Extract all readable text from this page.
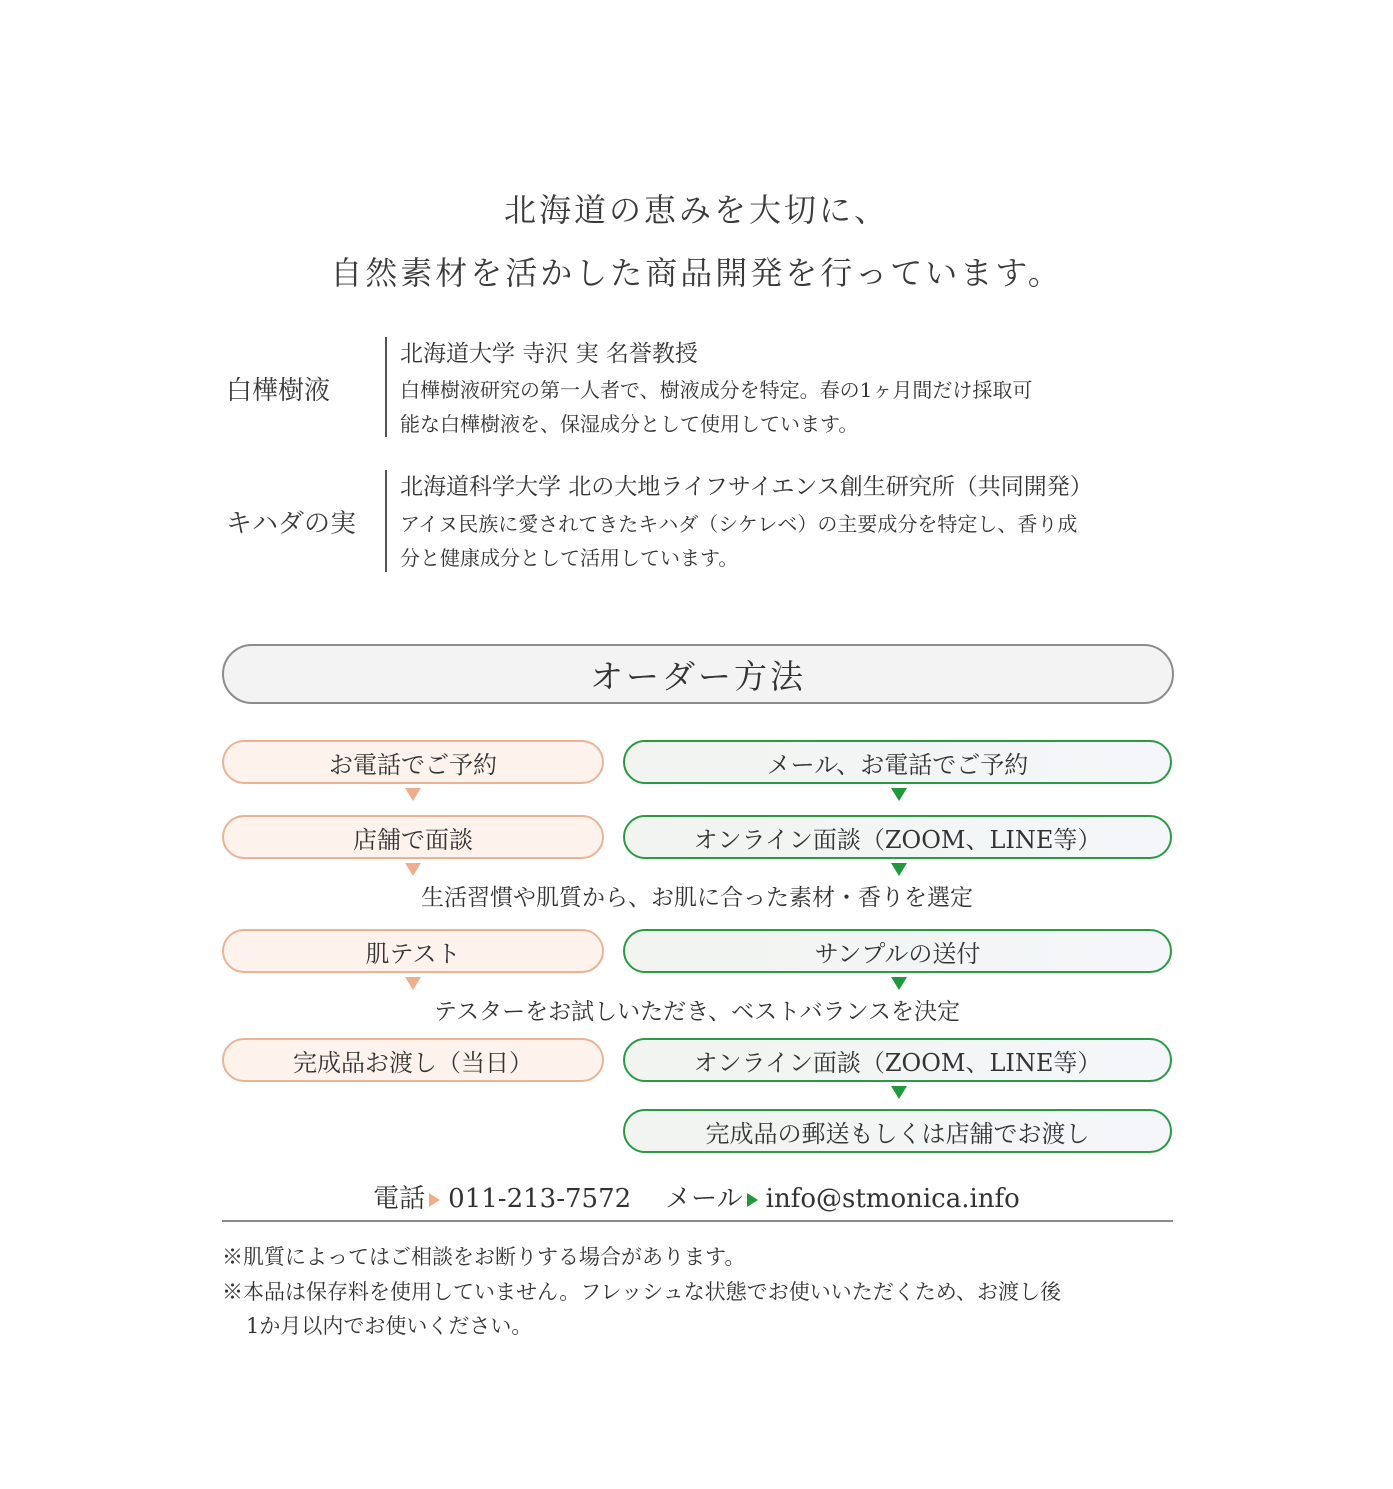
北海道の恵みを大切に、
自然素材を活かした商品開発を行っています。
白樺樹液
北海道大学 寺沢 実 名誉教授
白樺樹液研究の第一人者で、樹液成分を特定。春の1ヶ月間だけ採取可
能な白樺樹液を、保湿成分として使用しています。
キハダの実
北海道科学大学 北の大地ライフサイエンス創生研究所（共同開発）
アイヌ民族に愛されてきたキハダ（シケレベ）の主要成分を特定し、香り成
分と健康成分として活用しています。
オーダー方法
お電話でご予約
店舗で面談
肌テスト
完成品お渡し（当日）
メール、お電話でご予約
オンライン面談（ZOOM、LINE等）
サンプルの送付
オンライン面談（ZOOM、LINE等）
完成品の郵送もしくは店舗でお渡し
生活習慣や肌質から、お肌に合った素材・香りを選定
テスターをお試しいただき、ベストバランスを決定
電話 011-213-7572 メール info@stmonica.info
※肌質によってはご相談をお断りする場合があります。
※本品は保存料を使用していません。フレッシュな状態でお使いいただくため、お渡し後
1か月以内でお使いください。
